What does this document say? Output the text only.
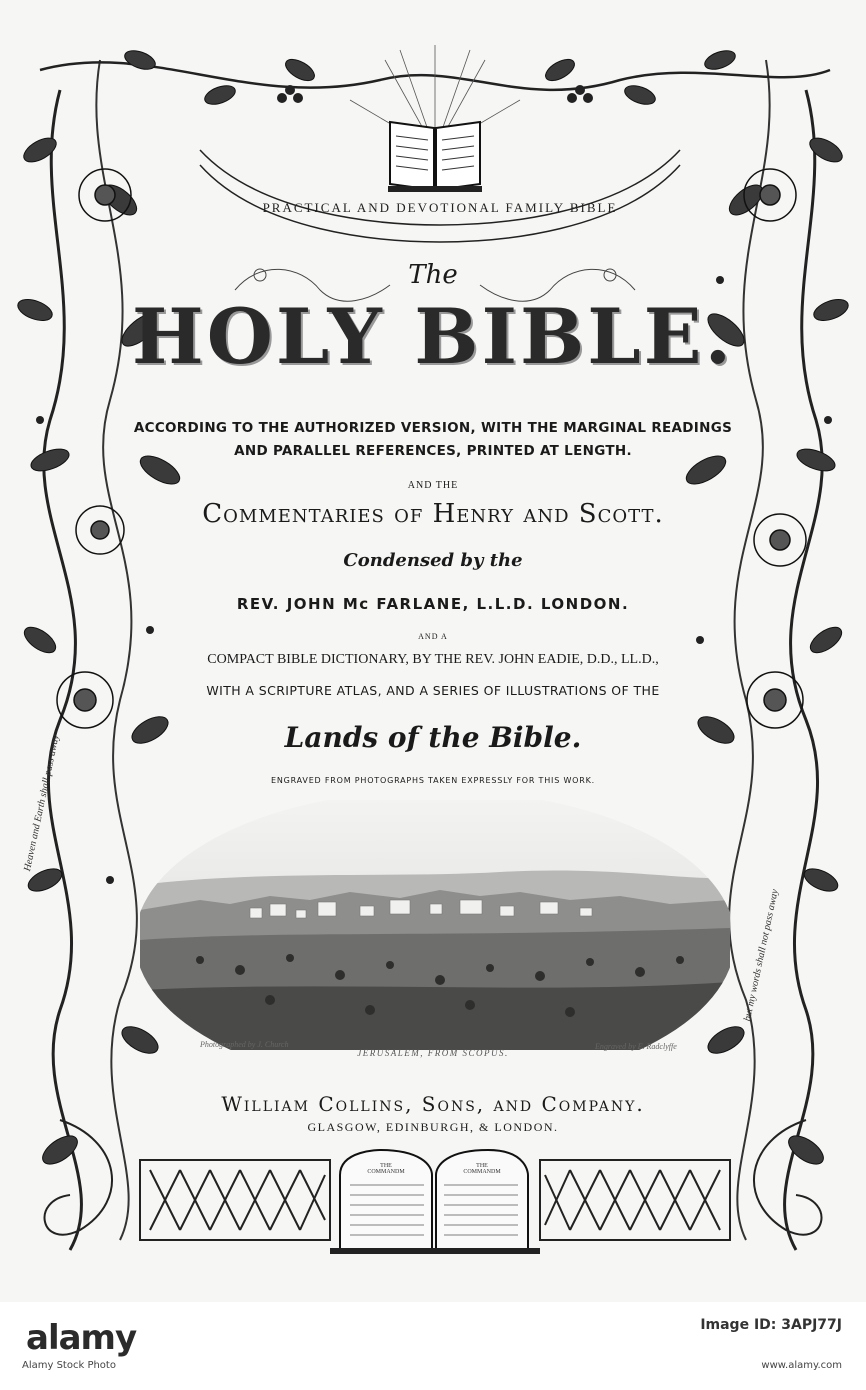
PRACTICAL AND DEVOTIONAL FAMILY BIBLE
The
HOLY BIBLE.
ACCORDING TO THE AUTHORIZED VERSION, WITH THE MARGINAL READINGS
AND PARALLEL REFERENCES, PRINTED AT LENGTH.
AND THE
Commentaries of Henry and Scott.
Condensed by the
REV. JOHN Mc FARLANE, L.L.D. LONDON.
AND A
COMPACT BIBLE DICTIONARY, BY THE REV. JOHN EADIE, D.D., LL.D.,
WITH A SCRIPTURE ATLAS, AND A SERIES OF ILLUSTRATIONS OF THE
Lands of the Bible.
ENGRAVED FROM PHOTOGRAPHS TAKEN EXPRESSLY FOR THIS WORK.
Photographed by J. Church	Engraved by E. Radclyffe
JERUSALEM, FROM SCOPUS.
William Collins, Sons, and Company.
GLASGOW, EDINBURGH, & LONDON.
Heaven and Earth shall pass away
but my words shall not pass away
THE COMMANDM
THE COMMANDM
alamy
Alamy Stock Photo
Image ID: 3APJ77J
www.alamy.com
